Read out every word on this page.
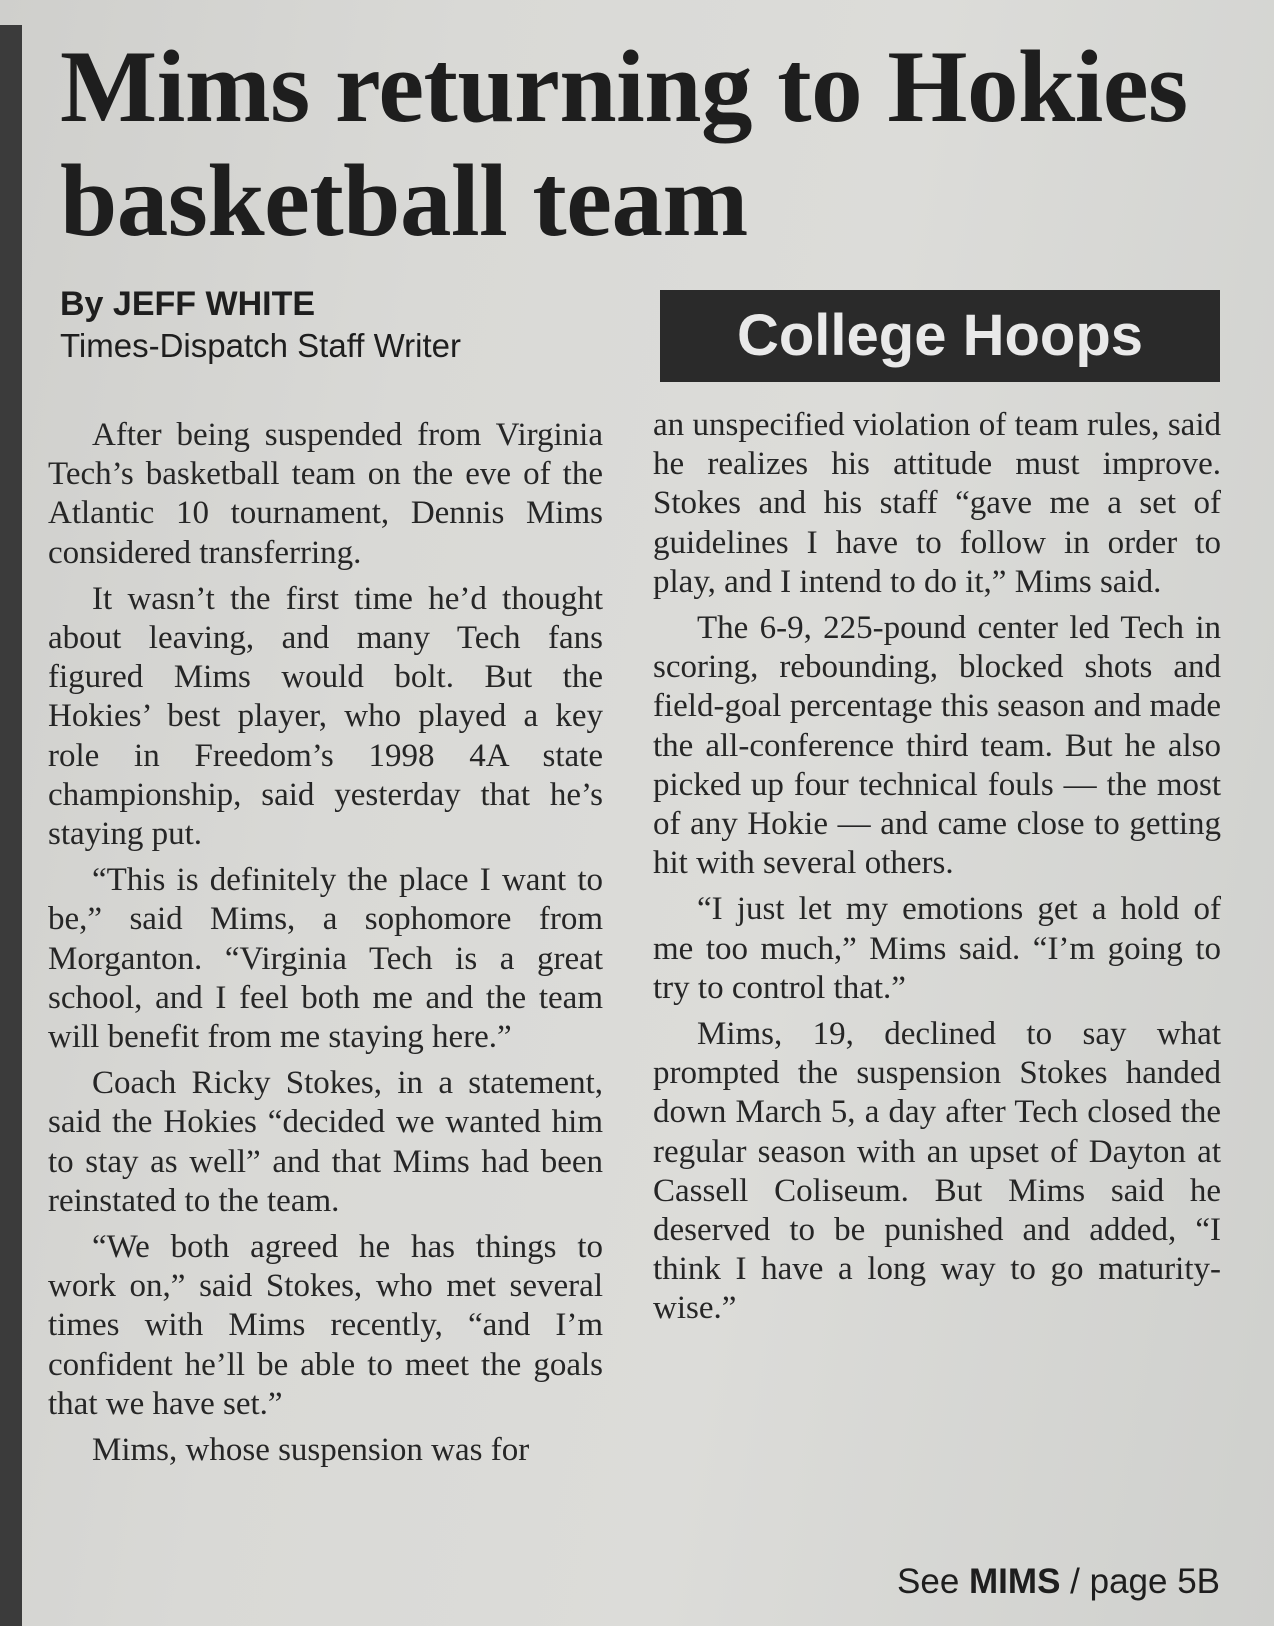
Mims returning to Hokies basketball team
By JEFF WHITE
Times-Dispatch Staff Writer	College Hoops

After being suspended from Virginia Tech’s basketball team on the eve of the Atlantic 10 tournament, Dennis Mims considered transferring.

It wasn’t the first time he’d thought about leaving, and many Tech fans figured Mims would bolt. But the Hokies’ best player, who played a key role in Freedom’s 1998 4A state championship, said yesterday that he’s staying put.

“This is definitely the place I want to be,” said Mims, a sophomore from Morganton. “Virginia Tech is a great school, and I feel both me and the team will benefit from me staying here.”

Coach Ricky Stokes, in a statement, said the Hokies “decided we wanted him to stay as well” and that Mims had been reinstated to the team.

“We both agreed he has things to work on,” said Stokes, who met several times with Mims recently, “and I’m confident he’ll be able to meet the goals that we have set.”

Mims, whose suspension was for

an unspecified violation of team rules, said he realizes his attitude must improve. Stokes and his staff “gave me a set of guidelines I have to follow in order to play, and I intend to do it,” Mims said.

The 6-9, 225-pound center led Tech in scoring, rebounding, blocked shots and field-goal percentage this season and made the all-conference third team. But he also picked up four technical fouls — the most of any Hokie — and came close to getting hit with several others.

“I just let my emotions get a hold of me too much,” Mims said. “I’m going to try to control that.”

Mims, 19, declined to say what prompted the suspension Stokes handed down March 5, a day after Tech closed the regular season with an upset of Dayton at Cassell Coliseum. But Mims said he deserved to be punished and added, “I think I have a long way to go maturity-wise.”

See MIMS / page 5B
